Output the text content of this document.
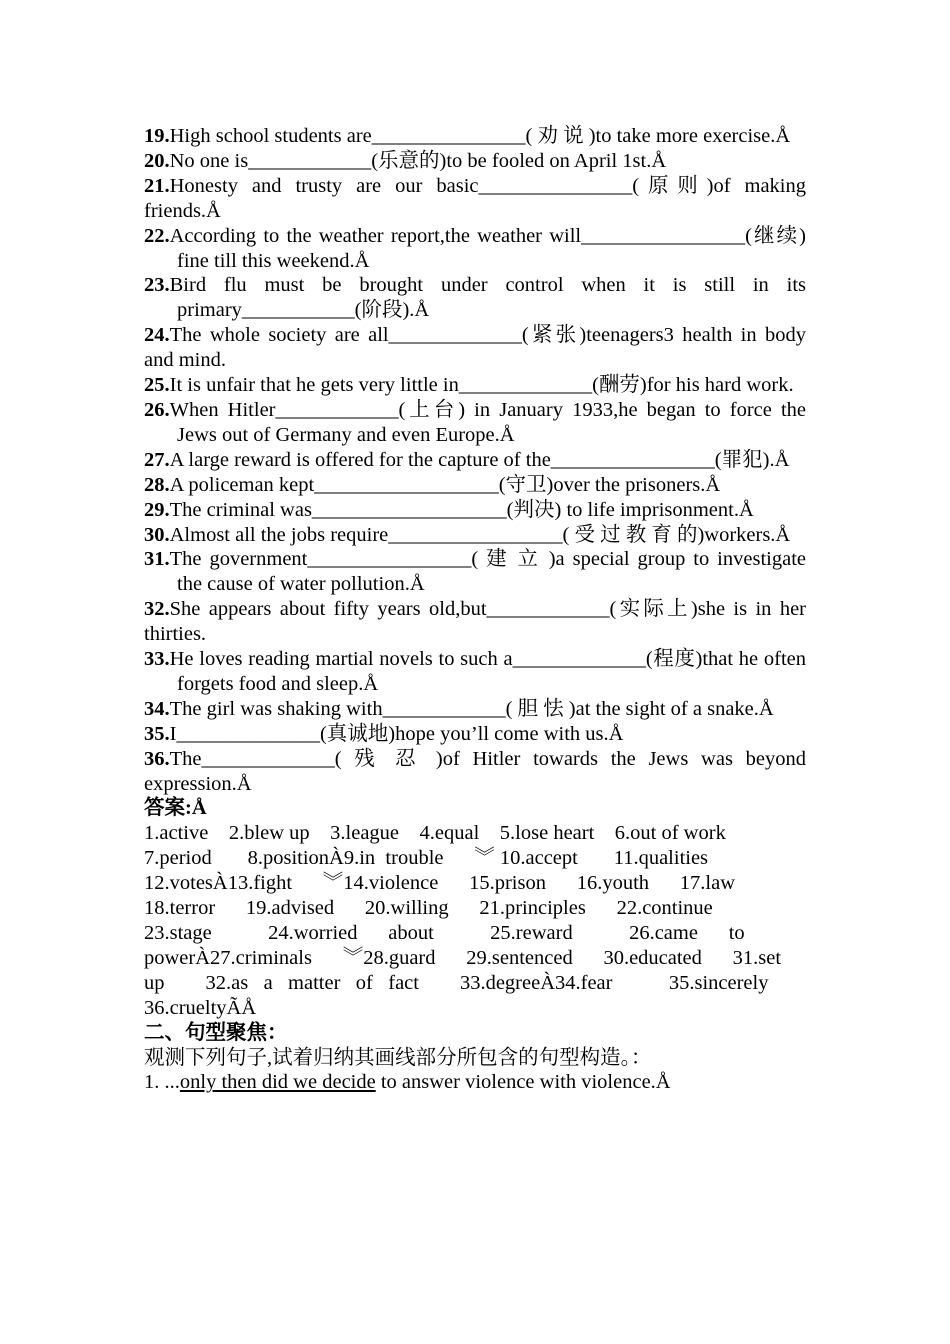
19.High school students are_______________( 劝 说 )to take more exercise.Å
20.No one is____________(乐意的)to be fooled on April 1st.Å
21.Honesty and trusty are our basic_______________(原则)of making friends.Å
22.According to the weather report,the weather will________________(继续) fine till this weekend.Å
23.Bird flu must be brought under control when it is still in its primary___________(阶段).Å
24.The whole society are all_____________(紧张)teenagers3 health in body and mind.
25.It is unfair that he gets very little in_____________(酬劳)for his hard work.
26.When Hitler____________(上台) in January 1933,he began to force the Jews out of Germany and even Europe.Å
27.A large reward is offered for the capture of the________________(罪犯).Å
28.A policeman kept__________________(守卫)over the prisoners.Å
29.The criminal was___________________(判决) to life imprisonment.Å
30.Almost all the jobs require_________________( 受 过 教 育 的)workers.Å
31.The government________________( 建 立 )a special group to investigate the cause of water pollution.Å
32.She appears about fifty years old,but____________(实际上)she is in her thirties.
33.He loves reading martial novels to such a_____________(程度)that he often forgets food and sleep.Å
34.The girl was shaking with____________( 胆 怯 )at the sight of a snake.Å
35.I______________(真诚地)hope you’ll come with us.Å
36.The_____________( 残 忍 )of Hitler towards the Jews was beyond expression.Å
答案:Å
1.active    2.blew up    3.league    4.equal    5.lose heart    6.out of work
7.period       8.positionÀ9.in  trouble      ︾ 10.accept       11.qualities
12.votesÀ13.fight      ︾14.violence      15.prison      16.youth      17.law
18.terror      19.advised      20.willing      21.principles      22.continue
23.stage           24.worried      about           25.reward           26.came      to
powerÀ27.criminals      ︾28.guard      29.sentenced      30.educated      31.set
up        32.as   a   matter   of   fact        33.degreeÀ34.fear           35.sincerely
36.crueltyÃÅ
二、句型聚焦：
观测下列句子,试着归纳其画线部分所包含的句型构造。：
1. ...only then did we decide to answer violence with violence.Å
